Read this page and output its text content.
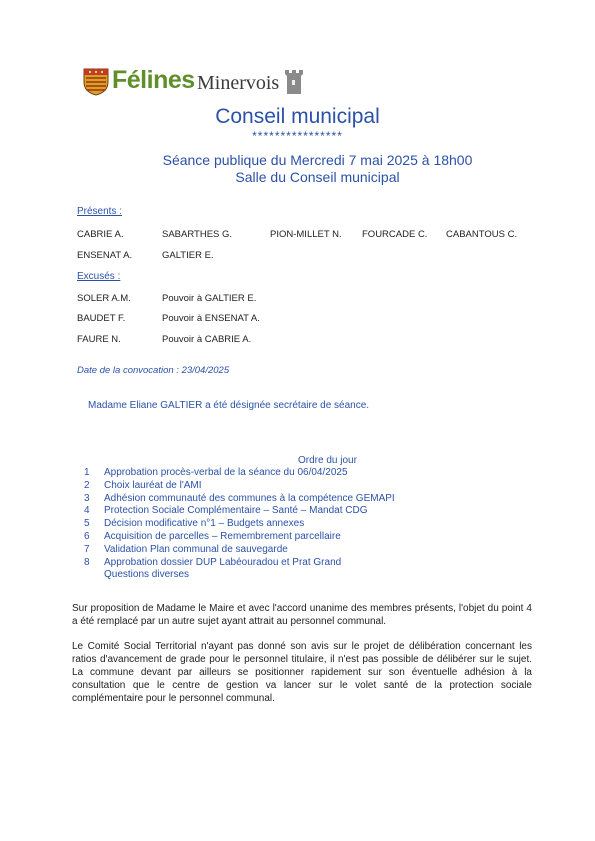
Félines Minervois
Conseil municipal
****************
Séance publique du Mercredi 7 mai 2025 à 18h00
Salle du Conseil municipal
Présents :
CABRIE A.	SABARTHES G.	PION-MILLET N. FOURCADE C. CABANTOUS C.
ENSENAT A.	GALTIER E.
Excusés :
SOLER A.M.	Pouvoir à GALTIER E.
BAUDET F.	Pouvoir à ENSENAT A.
FAURE N.	Pouvoir à CABRIE A.
Date de la convocation : 23/04/2025
Madame Eliane GALTIER a été désignée secrétaire de séance.
Ordre du jour
1	Approbation procès-verbal de la séance du 06/04/2025
2	Choix lauréat de l'AMI
3	Adhésion communauté des communes à la compétence GEMAPI
4	Protection Sociale Complémentaire – Santé – Mandat CDG
5	Décision modificative n°1 – Budgets annexes
6	Acquisition de parcelles – Remembrement parcellaire
7	Validation Plan communal de sauvegarde
8	Approbation dossier DUP Labéouradou et Prat Grand
Questions diverses
Sur proposition de Madame le Maire et avec l'accord unanime des membres présents, l'objet du point 4 a été remplacé par un autre sujet ayant attrait au personnel communal.
Le Comité Social Territorial n'ayant pas donné son avis sur le projet de délibération concernant les ratios d'avancement de grade pour le personnel titulaire, il n'est pas possible de délibérer sur le sujet. La commune devant par ailleurs se positionner rapidement sur son éventuelle adhésion à la consultation que le centre de gestion va lancer sur le volet santé de la protection sociale complémentaire pour le personnel communal.
